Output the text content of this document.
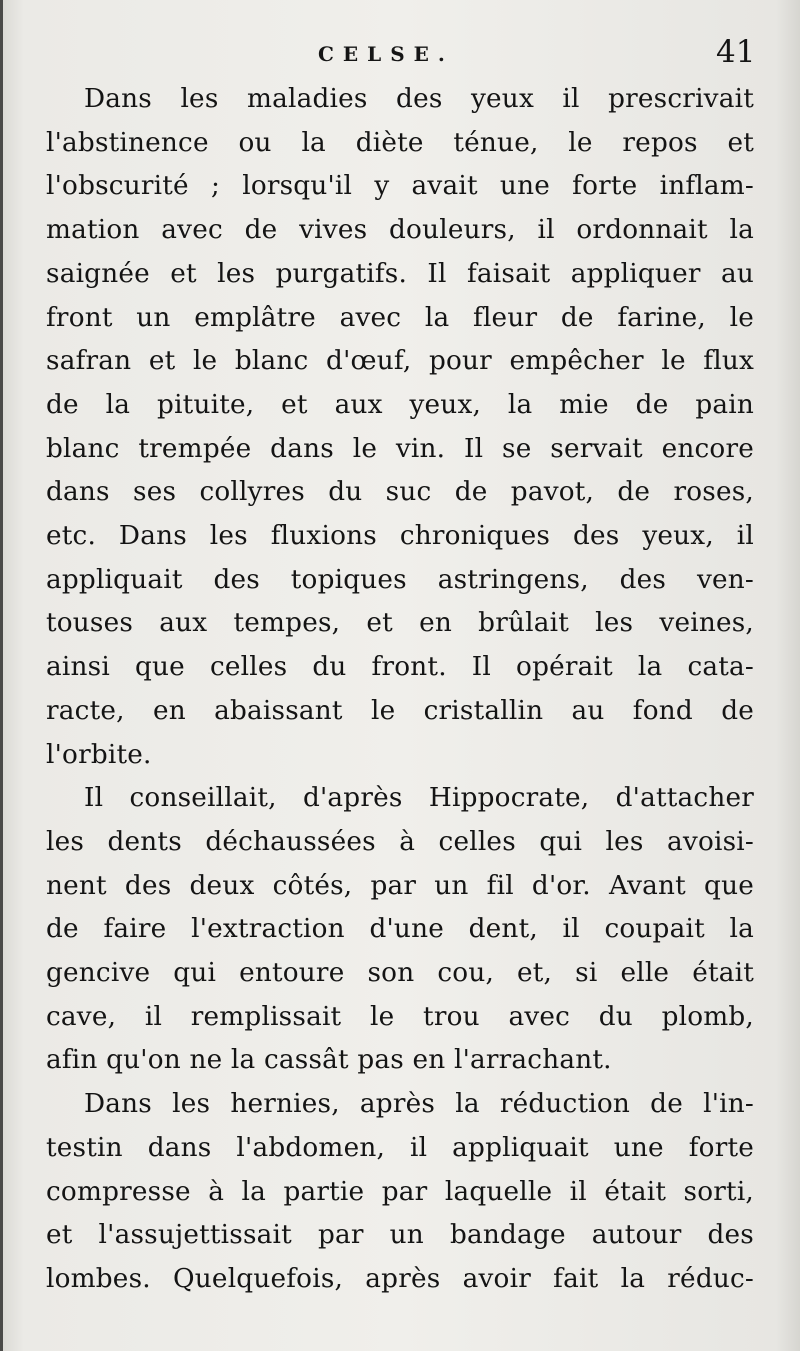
CELSE.	41

Dans les maladies des yeux il prescrivait
l'abstinence ou la diète ténue, le repos et
l'obscurité ; lorsqu'il y avait une forte inflam-
mation avec de vives douleurs, il ordonnait la
saignée et les purgatifs. Il faisait appliquer au
front un emplâtre avec la fleur de farine, le
safran et le blanc d'œuf, pour empêcher le flux
de la pituite, et aux yeux, la mie de pain
blanc trempée dans le vin. Il se servait encore
dans ses collyres du suc de pavot, de roses,
etc. Dans les fluxions chroniques des yeux, il
appliquait des topiques astringens, des ven-
touses aux tempes, et en brûlait les veines,
ainsi que celles du front. Il opérait la cata-
racte, en abaissant le cristallin au fond de
l'orbite.

Il conseillait, d'après Hippocrate, d'attacher
les dents déchaussées à celles qui les avoisi-
nent des deux côtés, par un fil d'or. Avant que
de faire l'extraction d'une dent, il coupait la
gencive qui entoure son cou, et, si elle était
cave, il remplissait le trou avec du plomb,
afin qu'on ne la cassât pas en l'arrachant.

Dans les hernies, après la réduction de l'in-
testin dans l'abdomen, il appliquait une forte
compresse à la partie par laquelle il était sorti,
et l'assujettissait par un bandage autour des
lombes. Quelquefois, après avoir fait la réduc-
